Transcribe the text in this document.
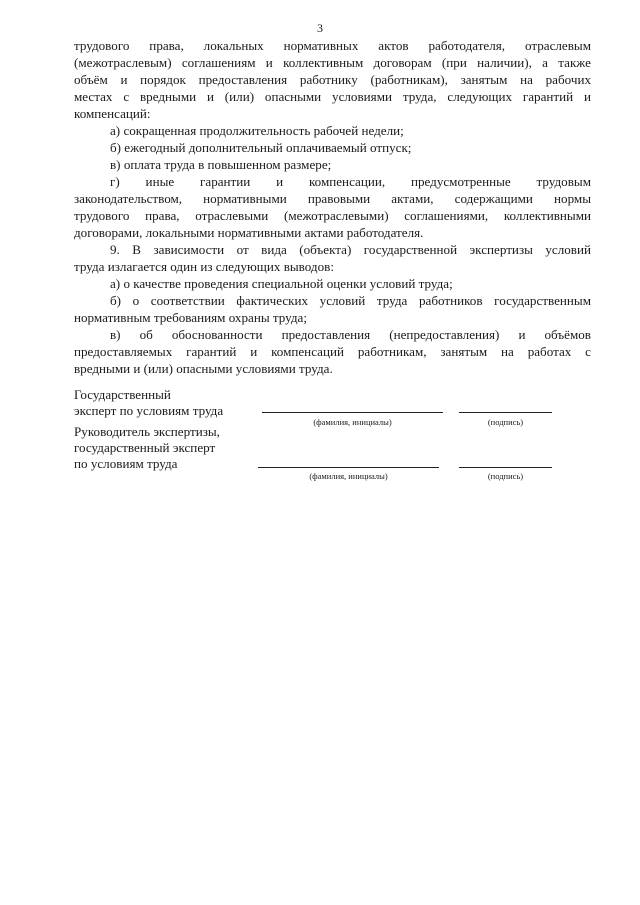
3
трудового права, локальных нормативных актов работодателя, отраслевым
(межотраслевым) соглашениям и коллективным договорам (при наличии), а также
объём и порядок предоставления работнику (работникам), занятым на рабочих
местах с вредными и (или) опасными условиями труда, следующих гарантий и
компенсаций:
а) сокращенная продолжительность рабочей недели;
б) ежегодный дополнительный оплачиваемый отпуск;
в) оплата труда в повышенном размере;
г) иные гарантии и компенсации, предусмотренные трудовым
законодательством, нормативными правовыми актами, содержащими нормы
трудового права, отраслевыми (межотраслевыми) соглашениями, коллективными
договорами, локальными нормативными актами работодателя.
9. В зависимости от вида (объекта) государственной экспертизы условий
труда излагается один из следующих выводов:
а) о качестве проведения специальной оценки условий труда;
б) о соответствии фактических условий труда работников государственным
нормативным требованиям охраны труда;
в) об обоснованности предоставления (непредоставления) и объёмов
предоставляемых гарантий и компенсаций работникам, занятым на работах с
вредными и (или) опасными условиями труда.
Государственный
эксперт по условиям труда
(фамилия, инициалы)	(подпись)
Руководитель экспертизы,
государственный эксперт
по условиям труда
(фамилия, инициалы)	(подпись)
